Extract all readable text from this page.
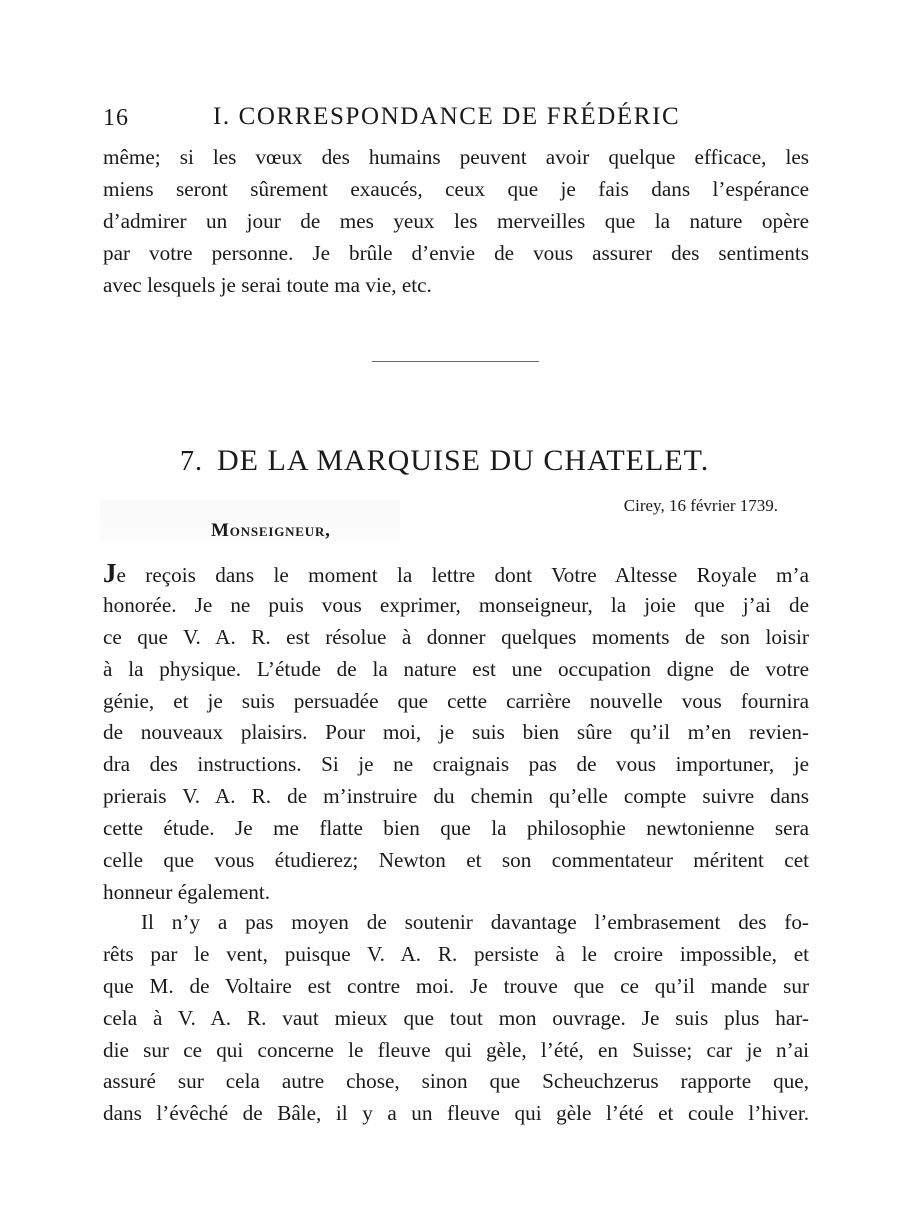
16	I. CORRESPONDANCE DE FRÉDÉRIC
même; si les vœux des humains peuvent avoir quelque efficace, les
miens seront sûrement exaucés, ceux que je fais dans l’espérance
d’admirer un jour de mes yeux les merveilles que la nature opère
par votre personne. Je brûle d’envie de vous assurer des sentiments
avec lesquels je serai toute ma vie, etc.
7. DE LA MARQUISE DU CHATELET.
Cirey, 16 février 1739.
Monseigneur,
Je reçois dans le moment la lettre dont Votre Altesse Royale m’a
honorée. Je ne puis vous exprimer, monseigneur, la joie que j’ai de
ce que V. A. R. est résolue à donner quelques moments de son loisir
à la physique. L’étude de la nature est une occupation digne de votre
génie, et je suis persuadée que cette carrière nouvelle vous fournira
de nouveaux plaisirs. Pour moi, je suis bien sûre qu’il m’en revien-
dra des instructions. Si je ne craignais pas de vous importuner, je
prierais V. A. R. de m’instruire du chemin qu’elle compte suivre dans
cette étude. Je me flatte bien que la philosophie newtonienne sera
celle que vous étudierez; Newton et son commentateur méritent cet
honneur également.
Il n’y a pas moyen de soutenir davantage l’embrasement des fo-
rêts par le vent, puisque V. A. R. persiste à le croire impossible, et
que M. de Voltaire est contre moi. Je trouve que ce qu’il mande sur
cela à V. A. R. vaut mieux que tout mon ouvrage. Je suis plus har-
die sur ce qui concerne le fleuve qui gèle, l’été, en Suisse; car je n’ai
assuré sur cela autre chose, sinon que Scheuchzerus rapporte que,
dans l’évêché de Bâle, il y a un fleuve qui gèle l’été et coule l’hiver.
